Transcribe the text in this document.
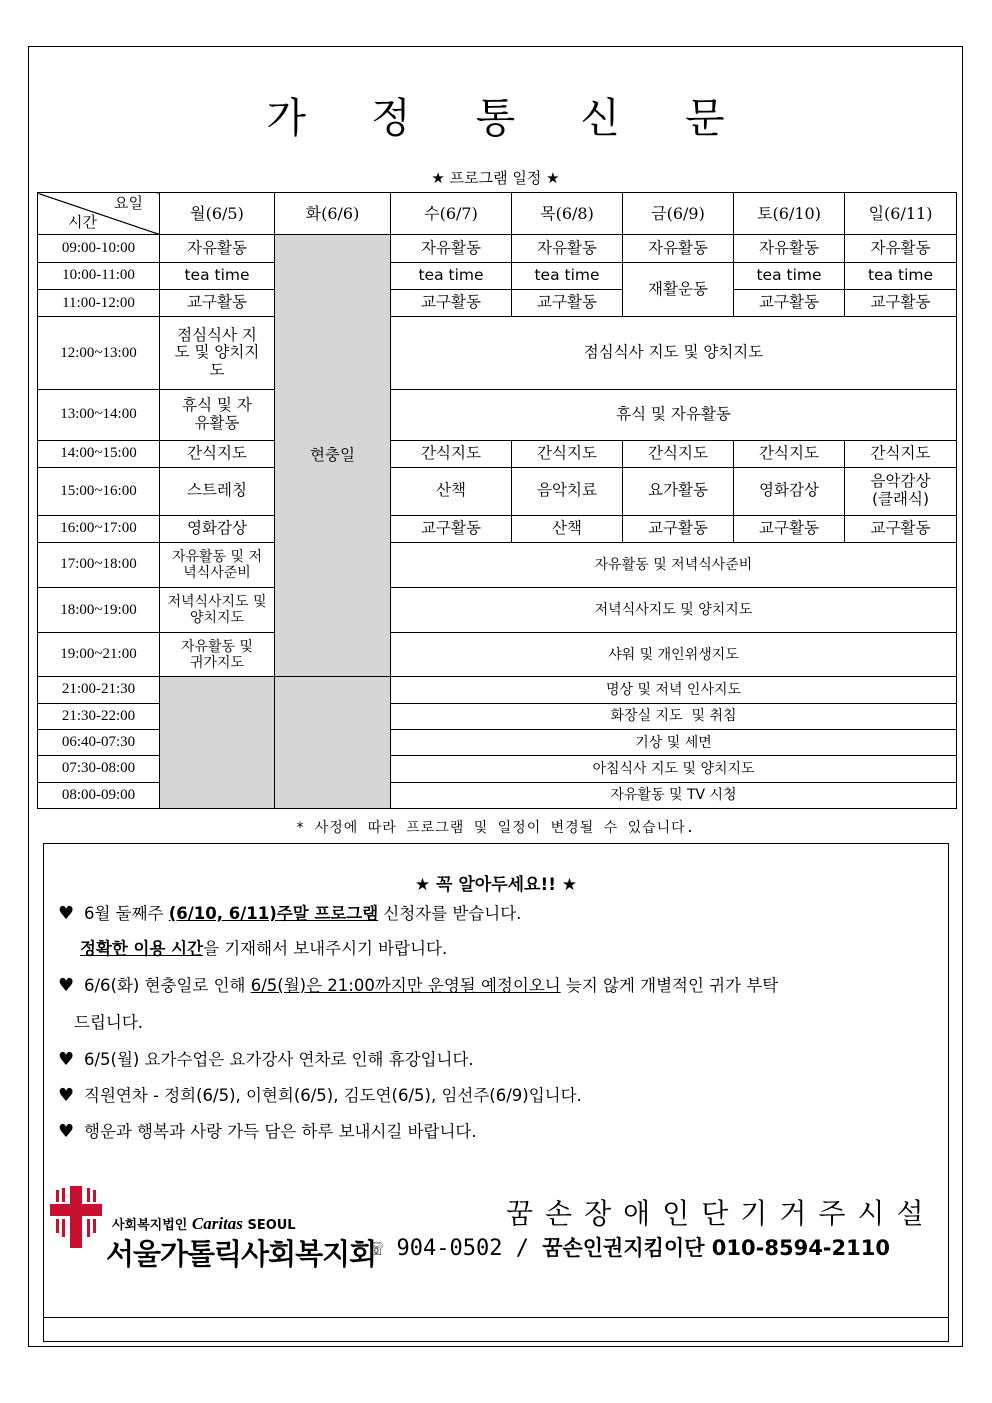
가 정 통 신 문
★ 프로그램 일정 ★
요일
시간	월(6/5)	화(6/6)	수(6/7)	목(6/8)	금(6/9)	토(6/10)	일(6/11)
09:00-10:00	자유활동	현충일	자유활동	자유활동	자유활동	자유활동	자유활동
10:00-11:00	tea time		tea time	tea time	재활운동	tea time	tea time
11:00-12:00	교구활동		교구활동	교구활동		교구활동	교구활동
12:00~13:00	점심식사 지도 및 양치지도		점심식사 지도 및 양치지도				
13:00~14:00	휴식 및 자유활동		휴식 및 자유활동				
14:00~15:00	간식지도		간식지도	간식지도	간식지도	간식지도	간식지도
15:00~16:00	스트레칭		산책	음악치료	요가활동	영화감상	음악감상 (클래식)
16:00~17:00	영화감상		교구활동	산책	교구활동	교구활동	교구활동
17:00~18:00	자유활동 및 저녁식사준비		자유활동 및 저녁식사준비				
18:00~19:00	저녁식사지도 및 양치지도		저녁식사지도 및 양치지도				
19:00~21:00	자유활동 및 귀가지도		샤워 및 개인위생지도				
21:00-21:30			명상 및 저녁 인사지도				
21:30-22:00			화장실 지도  및 취침				
06:40-07:30			기상 및 세면				
07:30-08:00			아침식사 지도 및 양치지도				
08:00-09:00			자유활동 및 TV 시청				
* 사정에 따라 프로그램 및 일정이 변경될 수 있습니다.
★ 꼭 알아두세요!! ★
♥ 6월 둘째주 (6/10, 6/11)주말 프로그램 신청자를 받습니다.
정확한 이용 시간을 기재해서 보내주시기 바랍니다.
♥ 6/6(화) 현충일로 인해 6/5(월)은 21:00까지만 운영될 예정이오니 늦지 않게 개별적인 귀가 부탁
드립니다.
♥ 6/5(월) 요가수업은 요가강사 연차로 인해 휴강입니다.
♥ 직원연차 - 정희(6/5), 이현희(6/5), 김도연(6/5), 임선주(6/9)입니다.
♥ 행운과 행복과 사랑 가득 담은 하루 보내시길 바랍니다.
사회복지법인 Caritas SEOUL
서울가톨릭사회복지회
꿈손장애인단기거주시설
☏ 904-0502 / 꿈손인권지킴이단 010-8594-2110
